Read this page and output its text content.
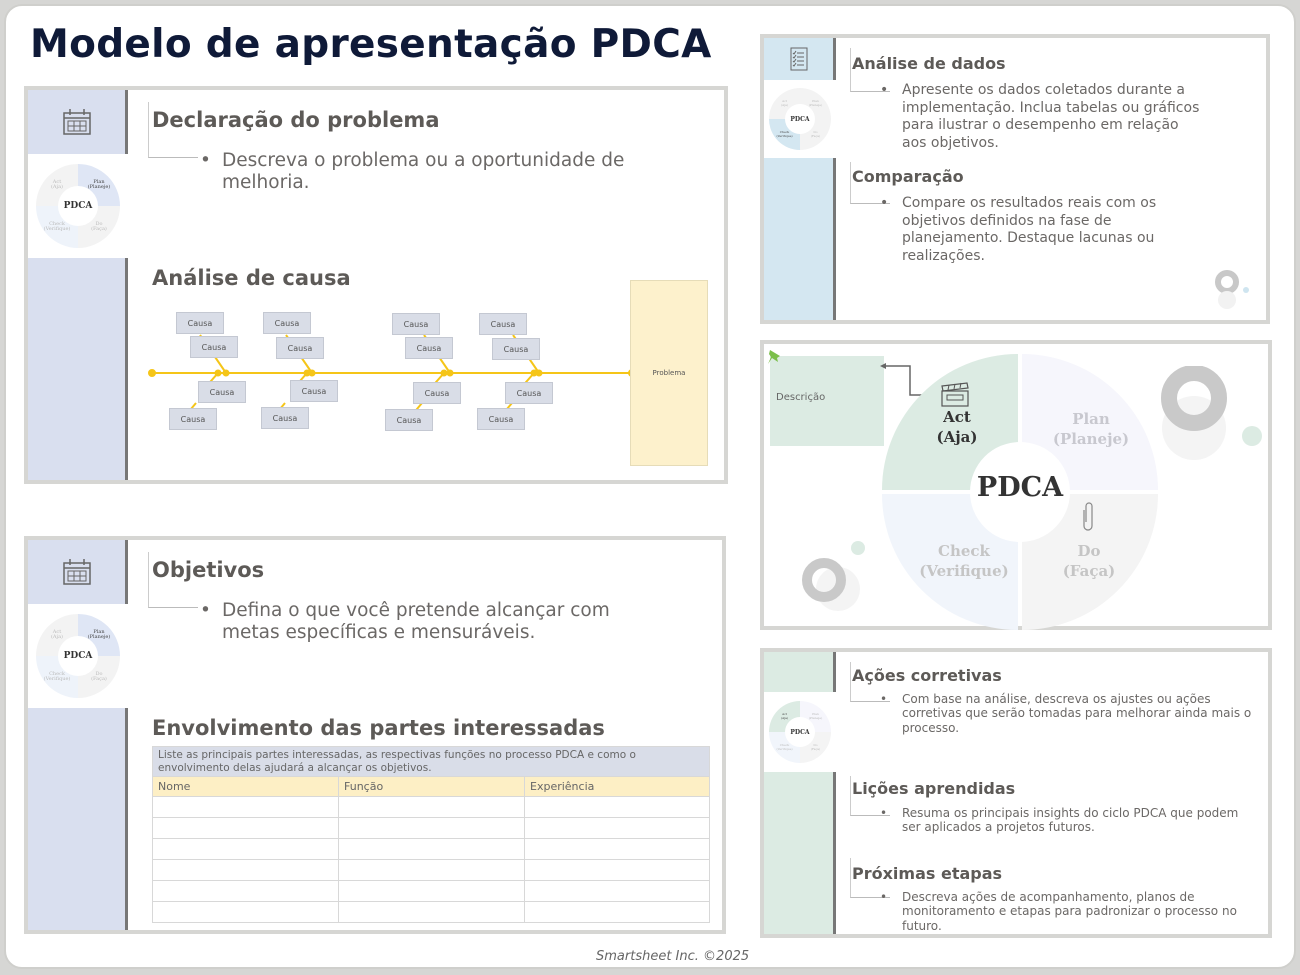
Modelo de apresentação PDCA
Act
(Aja)
Plan
(Planeje)
Check
(Verifique)
Do
(Faça)
PDCA
Declaração do problema
• Descreva o problema ou a oportunidade de melhoria.
Análise de causa
Causa
Causa
Causa
Causa
Causa
Causa
Causa
Causa
Causa
Causa
Causa
Causa
Causa
Causa
Causa
Causa
Problema
Act
(Aja)
Plan
(Planeje)
Check
(Verifique)
Do
(Faça)
PDCA
Objetivos
• Defina o que você pretende alcançar com metas específicas e mensuráveis.
Envolvimento das partes interessadas
Liste as principais partes interessadas, as respectivas funções no processo PDCA e como o envolvimento delas ajudará a alcançar os objetivos.		
Nome	Função	Experiência

Act
(Aja)
Plan
(Planeje)
Check
(Verifique)
Do
(Faça)
PDCA
Análise de dados
• Apresente os dados coletados durante a implementação. Inclua tabelas ou gráficos para ilustrar o desempenho em relação aos objetivos.
Comparação
• Compare os resultados reais com os objetivos definidos na fase de planejamento. Destaque lacunas ou realizações.
Descrição
PDCA
Act
(Aja)
Plan
(Planeje)
Check
(Verifique)
Do
(Faça)
Act
(Aja)
Plan
(Planeje)
Check
(Verifique)
Do
(Faça)
PDCA
Ações corretivas
• Com base na análise, descreva os ajustes ou ações corretivas que serão tomadas para melhorar ainda mais o processo.
Lições aprendidas
• Resuma os principais insights do ciclo PDCA que podem ser aplicados a projetos futuros.
Próximas etapas
• Descreva ações de acompanhamento, planos de monitoramento e etapas para padronizar o processo no futuro.
Smartsheet Inc. ©2025
